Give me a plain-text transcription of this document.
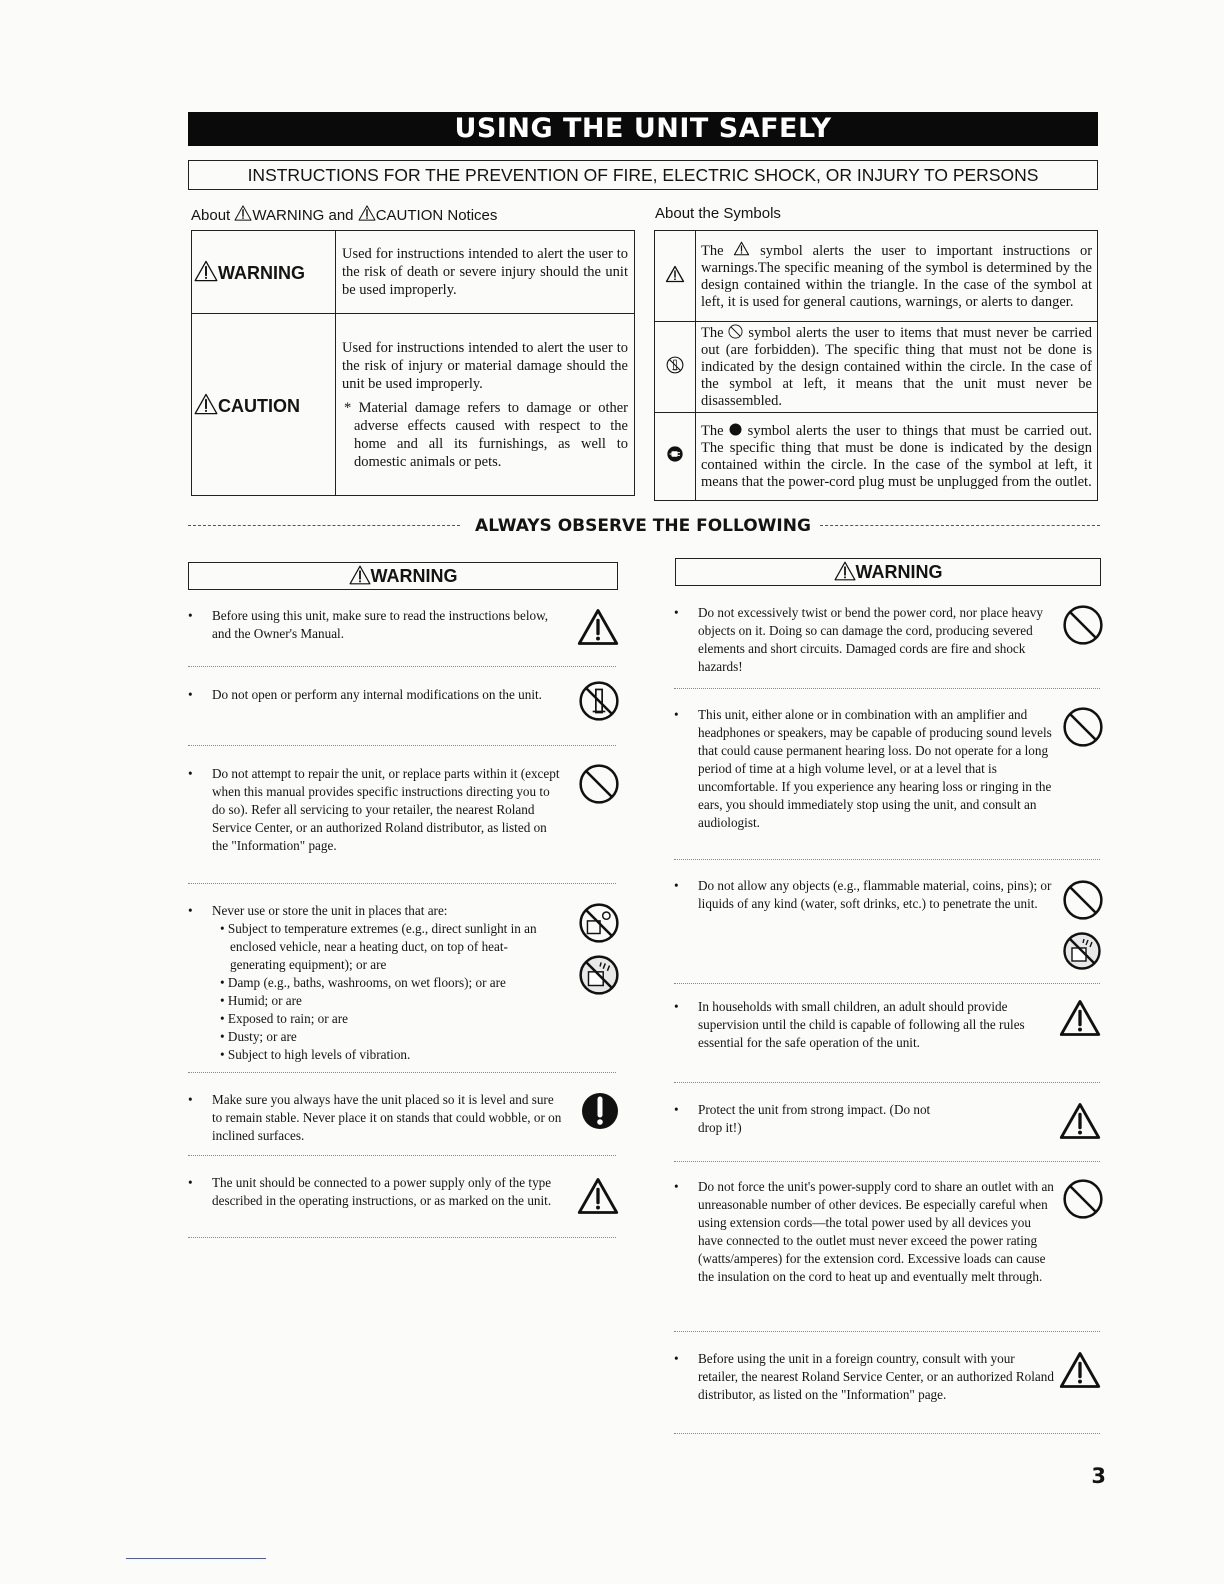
USING THE UNIT SAFELY
INSTRUCTIONS FOR THE PREVENTION OF FIRE, ELECTRIC SHOCK, OR INJURY TO PERSONS
About WARNING and CAUTION Notices
WARNING	Used for instructions intended to alert the user to the risk of death or severe injury should the unit be used improperly.
CAUTION	Used for instructions intended to alert the user to the risk of injury or material damage should the unit be used improperly.
* Material damage refers to damage or other adverse effects caused with respect to the home and all its furnishings, as well to domestic animals or pets.
About the Symbols
	The symbol alerts the user to important instructions or warnings.The specific meaning of the symbol is determined by the design contained within the triangle. In the case of the symbol at left, it is used for general cautions, warnings, or alerts to danger.
	The symbol alerts the user to items that must never be carried out (are forbidden). The specific thing that must not be done is indicated by the design contained within the circle. In the case of the symbol at left, it means that the unit must never be disassembled.
	The symbol alerts the user to things that must be carried out. The specific thing that must be done is indicated by the design contained within the circle. In the case of the symbol at left, it means that the power-cord plug must be unplugged from the outlet.
ALWAYS OBSERVE THE FOLLOWING
WARNING	WARNING
• Before using this unit, make sure to read the instructions below, and the Owner's Manual.
• Do not open or perform any internal modifications on the unit.
• Do not attempt to repair the unit, or replace parts within it (except when this manual provides specific instructions directing you to do so). Refer all servicing to your retailer, the nearest Roland Service Center, or an authorized Roland distributor, as listed on the "Information" page.
• Never use or store the unit in places that are:
• Subject to temperature extremes (e.g., direct sunlight in an enclosed vehicle, near a heating duct, on top of heat-generating equipment); or are
• Damp (e.g., baths, washrooms, on wet floors); or are
• Humid; or are
• Exposed to rain; or are
• Dusty; or are
• Subject to high levels of vibration.
• Make sure you always have the unit placed so it is level and sure to remain stable. Never place it on stands that could wobble, or on inclined surfaces.
• The unit should be connected to a power supply only of the type described in the operating instructions, or as marked on the unit.
• Do not excessively twist or bend the power cord, nor place heavy objects on it. Doing so can damage the cord, producing severed elements and short circuits. Damaged cords are fire and shock hazards!
• This unit, either alone or in combination with an amplifier and headphones or speakers, may be capable of producing sound levels that could cause permanent hearing loss. Do not operate for a long period of time at a high volume level, or at a level that is uncomfortable. If you experience any hearing loss or ringing in the ears, you should immediately stop using the unit, and consult an audiologist.
• Do not allow any objects (e.g., flammable material, coins, pins); or liquids of any kind (water, soft drinks, etc.) to penetrate the unit.
• In households with small children, an adult should provide supervision until the child is capable of following all the rules essential for the safe operation of the unit.
• Protect the unit from strong impact. (Do not drop it!)
• Do not force the unit's power-supply cord to share an outlet with an unreasonable number of other devices. Be especially careful when using extension cords—the total power used by all devices you have connected to the outlet must never exceed the power rating (watts/amperes) for the extension cord. Excessive loads can cause the insulation on the cord to heat up and eventually melt through.
• Before using the unit in a foreign country, consult with your retailer, the nearest Roland Service Center, or an authorized Roland distributor, as listed on the "Information" page.
3
